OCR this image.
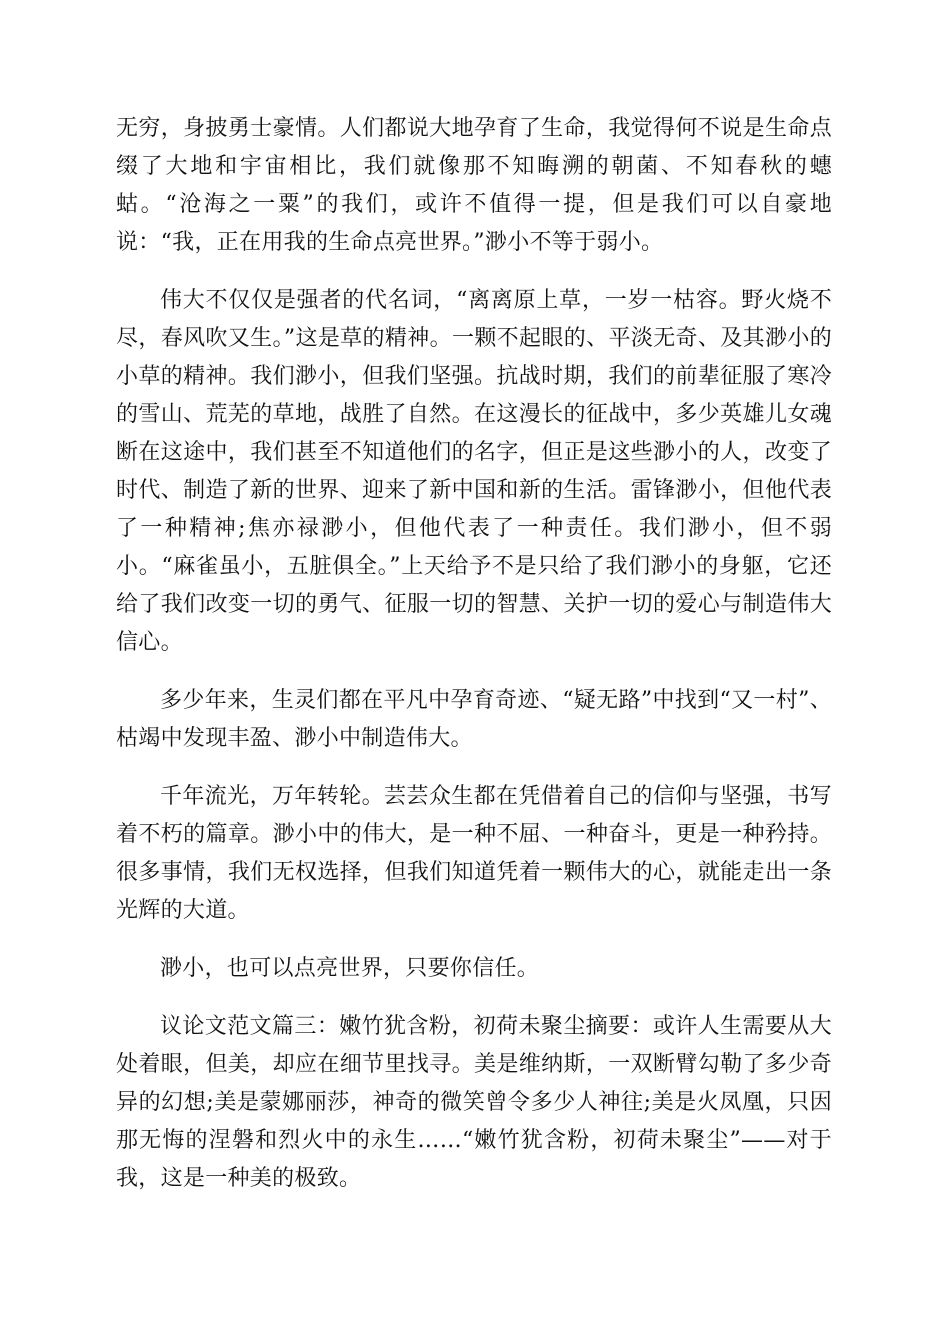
无穷，身披勇士豪情。人们都说大地孕育了生命，我觉得何不说是生命点缀了大地和宇宙相比，我们就像那不知晦溯的朝菌、不知春秋的蟪蛄。“沧海之一粟”的我们，或许不值得一提，但是我们可以自豪地说：“我，正在用我的生命点亮世界。”渺小不等于弱小。

伟大不仅仅是强者的代名词，“离离原上草，一岁一枯容。野火烧不尽，春风吹又生。”这是草的精神。一颗不起眼的、平淡无奇、及其渺小的小草的精神。我们渺小，但我们坚强。抗战时期，我们的前辈征服了寒冷的雪山、荒芜的草地，战胜了自然。在这漫长的征战中，多少英雄儿女魂断在这途中，我们甚至不知道他们的名字，但正是这些渺小的人，改变了时代、制造了新的世界、迎来了新中国和新的生活。雷锋渺小，但他代表了一种精神;焦亦禄渺小，但他代表了一种责任。我们渺小，但不弱小。“麻雀虽小，五脏俱全。”上天给予不是只给了我们渺小的身躯，它还给了我们改变一切的勇气、征服一切的智慧、关护一切的爱心与制造伟大信心。

多少年来，生灵们都在平凡中孕育奇迹、“疑无路”中找到“又一村”、枯竭中发现丰盈、渺小中制造伟大。

千年流光，万年转轮。芸芸众生都在凭借着自己的信仰与坚强，书写着不朽的篇章。渺小中的伟大，是一种不屈、一种奋斗，更是一种矜持。很多事情，我们无权选择，但我们知道凭着一颗伟大的心，就能走出一条光辉的大道。

渺小，也可以点亮世界，只要你信任。

议论文范文篇三：嫩竹犹含粉，初荷未聚尘摘要：或许人生需要从大处着眼，但美，却应在细节里找寻。美是维纳斯，一双断臂勾勒了多少奇异的幻想;美是蒙娜丽莎，神奇的微笑曾令多少人神往;美是火凤凰，只因那无悔的涅磐和烈火中的永生……“嫩竹犹含粉，初荷未聚尘”——对于我，这是一种美的极致。
